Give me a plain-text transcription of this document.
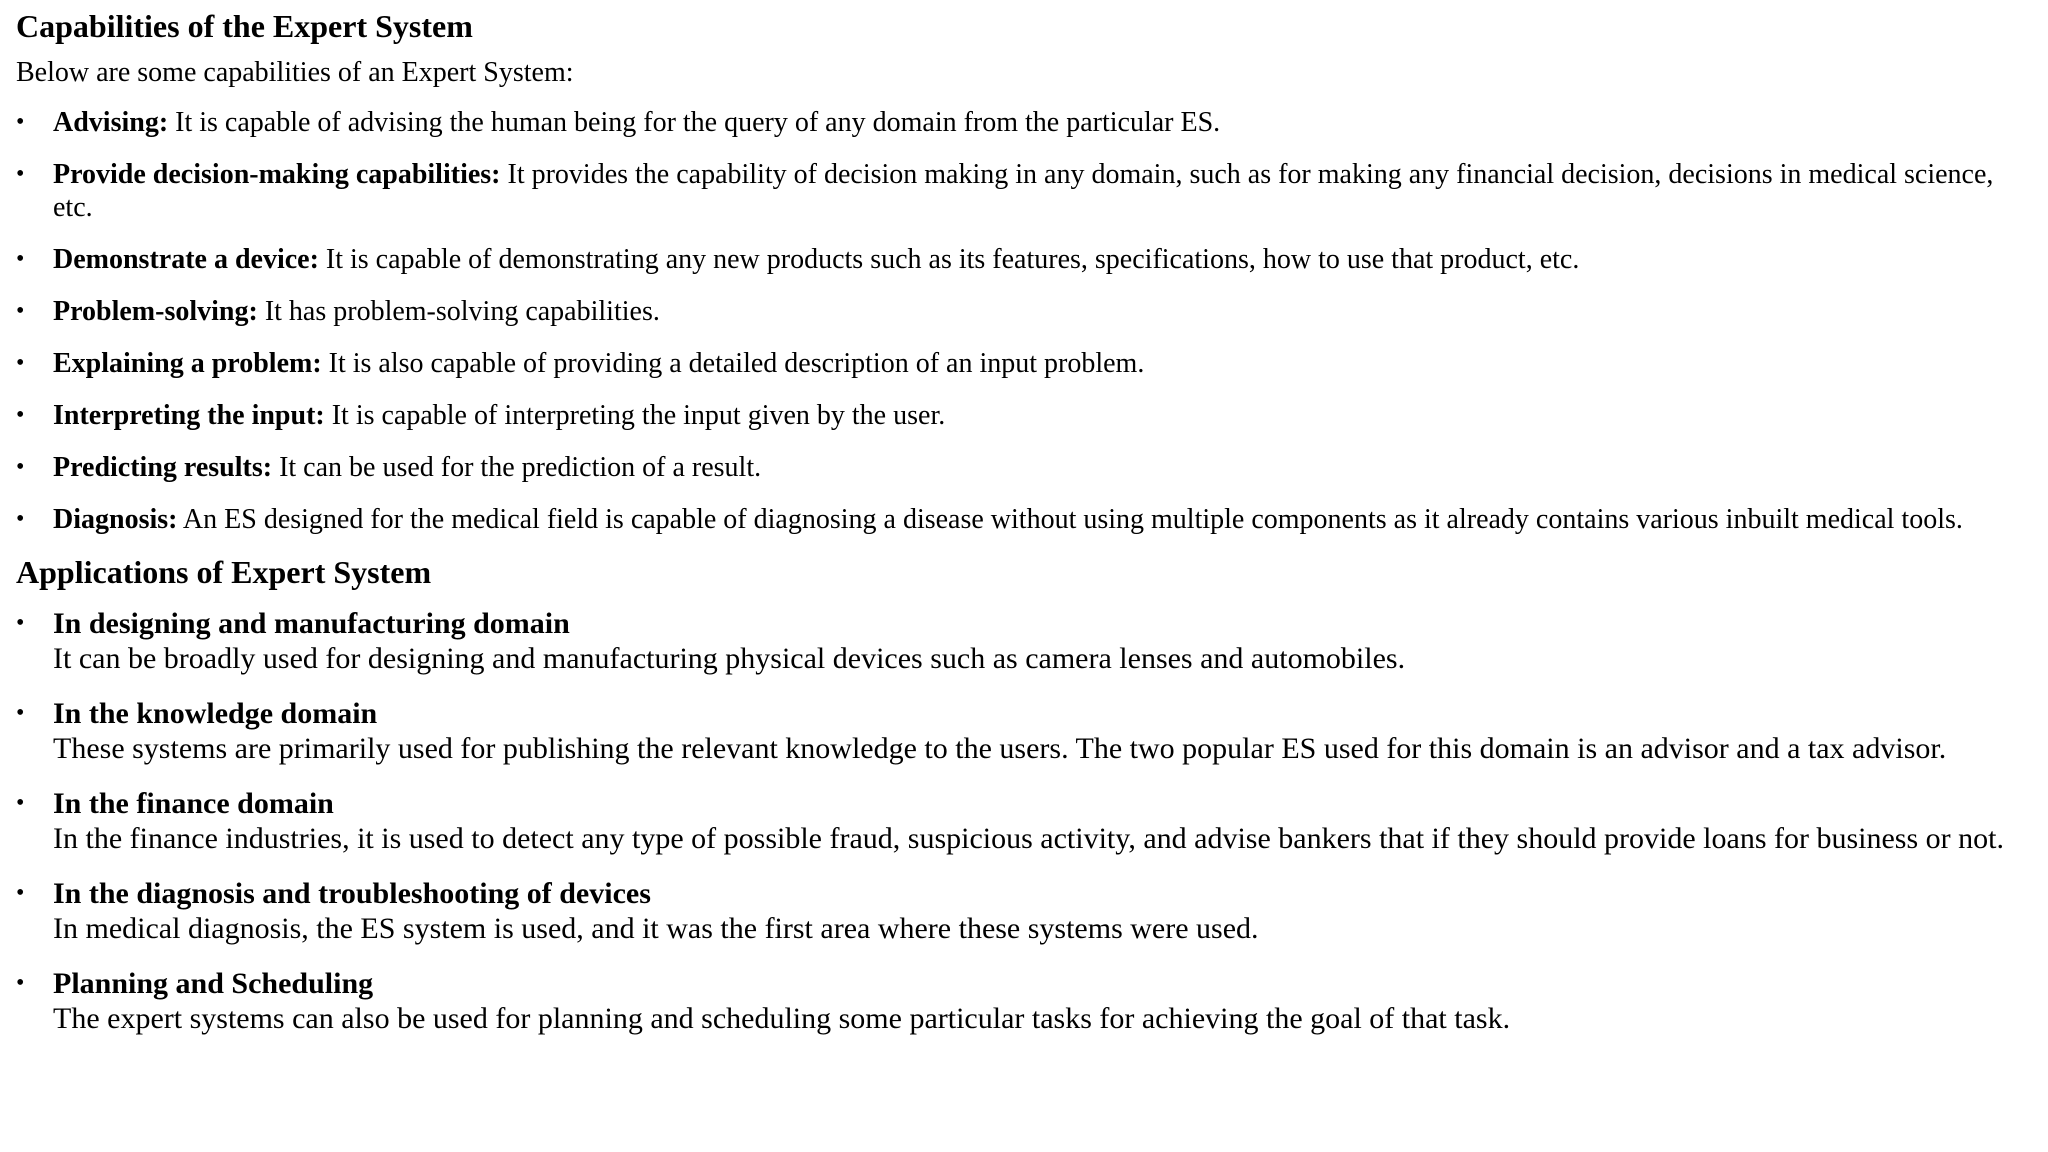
Capabilities of the Expert System

Below are some capabilities of an Expert System:

• Advising: It is capable of advising the human being for the query of any domain from the particular ES.
• Provide decision-making capabilities: It provides the capability of decision making in any domain, such as for making any financial decision, decisions in medical science, etc.
• Demonstrate a device: It is capable of demonstrating any new products such as its features, specifications, how to use that product, etc.
• Problem-solving: It has problem-solving capabilities.
• Explaining a problem: It is also capable of providing a detailed description of an input problem.
• Interpreting the input: It is capable of interpreting the input given by the user.
• Predicting results: It can be used for the prediction of a result.
• Diagnosis: An ES designed for the medical field is capable of diagnosing a disease without using multiple components as it already contains various inbuilt medical tools.
Applications of Expert System
• In designing and manufacturing domain
It can be broadly used for designing and manufacturing physical devices such as camera lenses and automobiles.
• In the knowledge domain
These systems are primarily used for publishing the relevant knowledge to the users. The two popular ES used for this domain is an advisor and a tax advisor.
• In the finance domain
In the finance industries, it is used to detect any type of possible fraud, suspicious activity, and advise bankers that if they should provide loans for business or not.
• In the diagnosis and troubleshooting of devices
In medical diagnosis, the ES system is used, and it was the first area where these systems were used.
• Planning and Scheduling
The expert systems can also be used for planning and scheduling some particular tasks for achieving the goal of that task.
